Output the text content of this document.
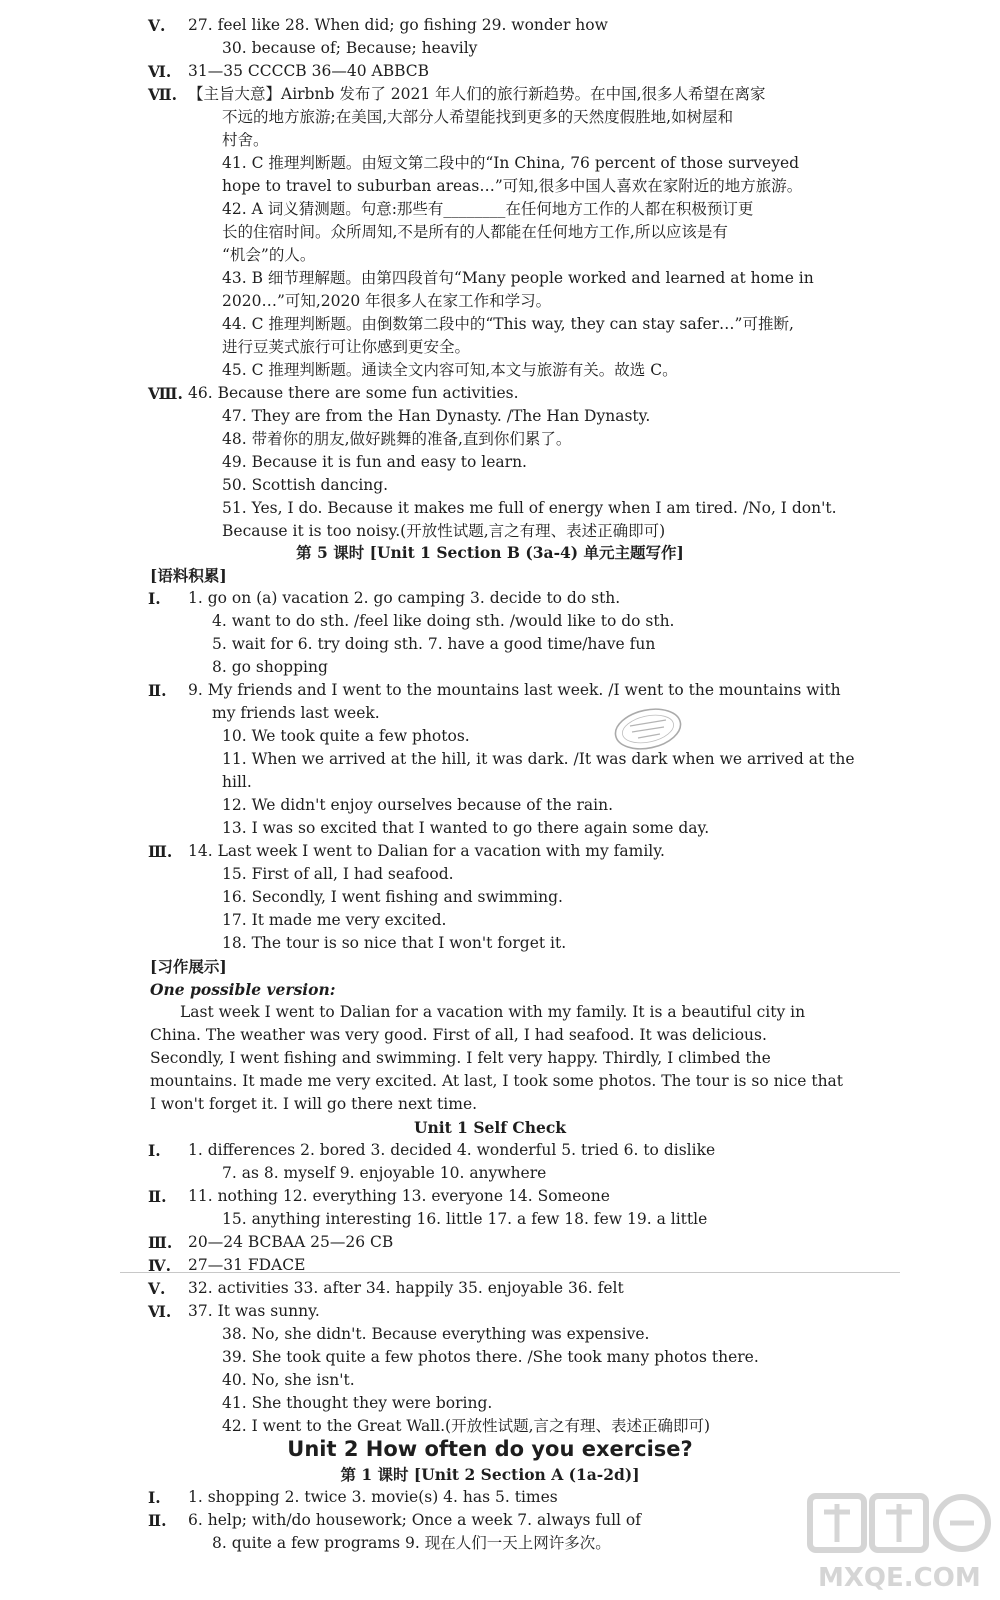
Ⅴ. 27. feel like 28. When did; go fishing 29. wonder how
30. because of; Because; heavily
Ⅵ. 31—35 CCCCB 36—40 ABBCB
Ⅶ. 【主旨大意】Airbnb 发布了 2021 年人们的旅行新趋势。在中国,很多人希望在离家
不远的地方旅游;在美国,大部分人希望能找到更多的天然度假胜地,如树屋和
村舍。
41. C 推理判断题。由短文第二段中的“In China, 76 percent of those surveyed
hope to travel to suburban areas…”可知,很多中国人喜欢在家附近的地方旅游。
42. A 词义猜测题。句意:那些有________在任何地方工作的人都在积极预订更
长的住宿时间。众所周知,不是所有的人都能在任何地方工作,所以应该是有
“机会”的人。
43. B 细节理解题。由第四段首句“Many people worked and learned at home in
2020…”可知,2020 年很多人在家工作和学习。
44. C 推理判断题。由倒数第二段中的“This way, they can stay safer…”可推断,
进行豆荚式旅行可让你感到更安全。
45. C 推理判断题。通读全文内容可知,本文与旅游有关。故选 C。
Ⅷ. 46. Because there are some fun activities.
47. They are from the Han Dynasty. /The Han Dynasty.
48. 带着你的朋友,做好跳舞的准备,直到你们累了。
49. Because it is fun and easy to learn.
50. Scottish dancing.
51. Yes, I do. Because it makes me full of energy when I am tired. /No, I don't.
Because it is too noisy.(开放性试题,言之有理、表述正确即可)
第 5 课时 [Unit 1 Section B (3a-4) 单元主题写作]
[语料积累]
Ⅰ. 1. go on (a) vacation 2. go camping 3. decide to do sth.
4. want to do sth. /feel like doing sth. /would like to do sth.
5. wait for 6. try doing sth. 7. have a good time/have fun
8. go shopping
Ⅱ. 9. My friends and I went to the mountains last week. /I went to the mountains with
my friends last week.
10. We took quite a few photos.
11. When we arrived at the hill, it was dark. /It was dark when we arrived at the
hill.
12. We didn't enjoy ourselves because of the rain.
13. I was so excited that I wanted to go there again some day.
Ⅲ. 14. Last week I went to Dalian for a vacation with my family.
15. First of all, I had seafood.
16. Secondly, I went fishing and swimming.
17. It made me very excited.
18. The tour is so nice that I won't forget it.
[习作展示]
One possible version:
Last week I went to Dalian for a vacation with my family. It is a beautiful city in
China. The weather was very good. First of all, I had seafood. It was delicious.
Secondly, I went fishing and swimming. I felt very happy. Thirdly, I climbed the
mountains. It made me very excited. At last, I took some photos. The tour is so nice that
I won't forget it. I will go there next time.
Unit 1 Self Check
Ⅰ. 1. differences 2. bored 3. decided 4. wonderful 5. tried 6. to dislike
7. as 8. myself 9. enjoyable 10. anywhere
Ⅱ. 11. nothing 12. everything 13. everyone 14. Someone
15. anything interesting 16. little 17. a few 18. few 19. a little
Ⅲ. 20—24 BCBAA 25—26 CB
Ⅳ. 27—31 FDACE
Ⅴ. 32. activities 33. after 34. happily 35. enjoyable 36. felt
Ⅵ. 37. It was sunny.
38. No, she didn't. Because everything was expensive.
39. She took quite a few photos there. /She took many photos there.
40. No, she isn't.
41. She thought they were boring.
42. I went to the Great Wall.(开放性试题,言之有理、表述正确即可)
Unit 2 How often do you exercise?
第 1 课时 [Unit 2 Section A (1a-2d)]
Ⅰ. 1. shopping 2. twice 3. movie(s) 4. has 5. times
Ⅱ. 6. help; with/do housework; Once a week 7. always full of
8. quite a few programs 9. 现在人们一天上网许多次。
MXQE.COM
